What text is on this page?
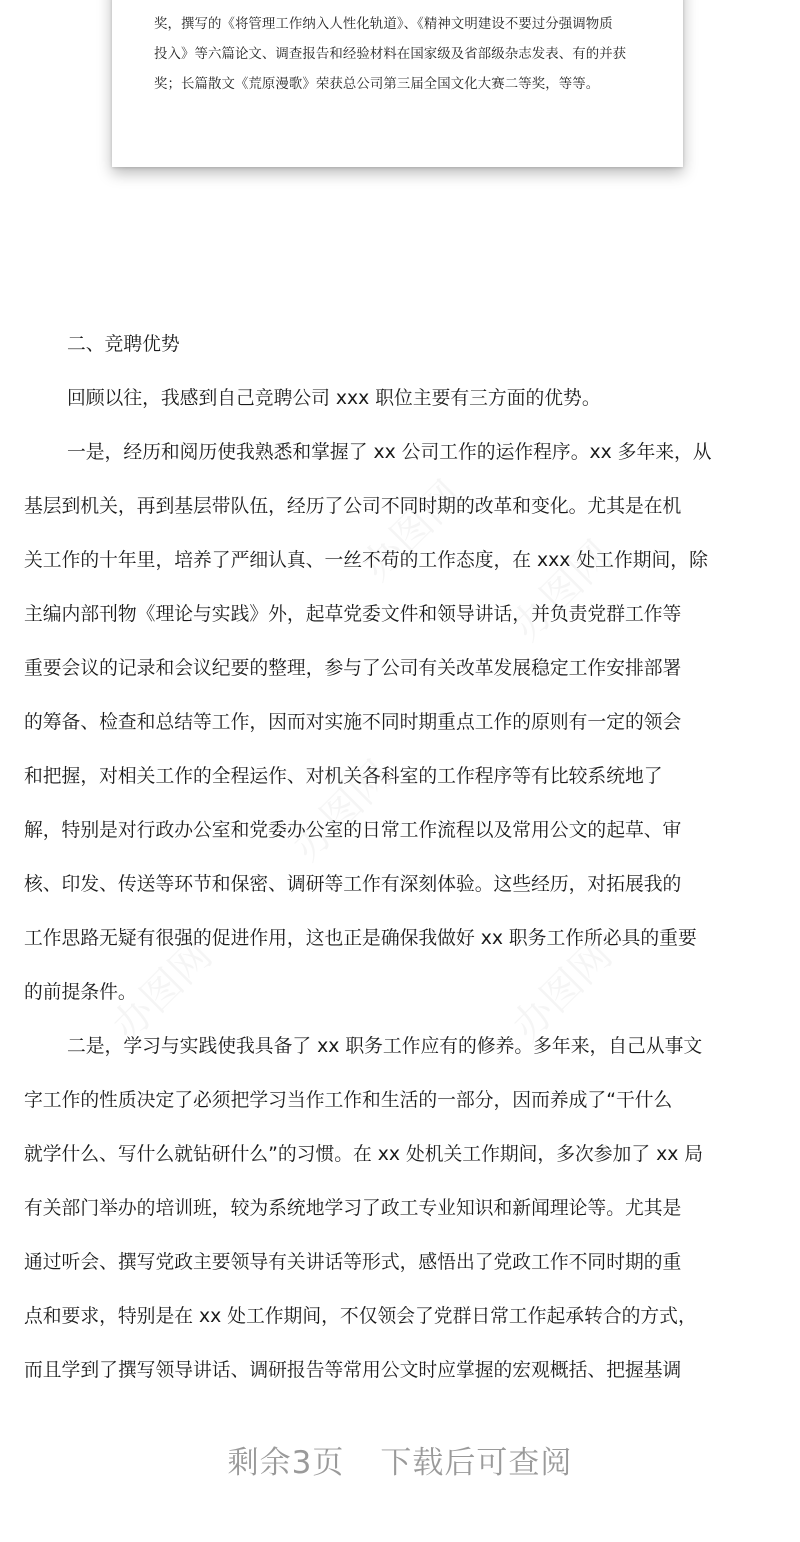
奖，撰写的《将管理工作纳入人性化轨道》、《精神文明建设不要过分强调物质
投入》等六篇论文、调查报告和经验材料在国家级及省部级杂志发表、有的并获
奖；长篇散文《荒原漫歌》荣获总公司第三届全国文化大赛二等奖，等等。
办图网
办图网
办图网	办图网
办图网
二、竞聘优势
回顾以往，我感到自己竞聘公司 xxx 职位主要有三方面的优势。
一是，经历和阅历使我熟悉和掌握了 xx 公司工作的运作程序。xx 多年来，从
基层到机关，再到基层带队伍，经历了公司不同时期的改革和变化。尤其是在机
关工作的十年里，培养了严细认真、一丝不苟的工作态度，在 xxx 处工作期间，除
主编内部刊物《理论与实践》外，起草党委文件和领导讲话，并负责党群工作等
重要会议的记录和会议纪要的整理，参与了公司有关改革发展稳定工作安排部署
的筹备、检查和总结等工作，因而对实施不同时期重点工作的原则有一定的领会
和把握，对相关工作的全程运作、对机关各科室的工作程序等有比较系统地了
解，特别是对行政办公室和党委办公室的日常工作流程以及常用公文的起草、审
核、印发、传送等环节和保密、调研等工作有深刻体验。这些经历，对拓展我的
工作思路无疑有很强的促进作用，这也正是确保我做好 xx 职务工作所必具的重要
的前提条件。
二是，学习与实践使我具备了 xx 职务工作应有的修养。多年来，自己从事文
字工作的性质决定了必须把学习当作工作和生活的一部分，因而养成了“干什么
就学什么、写什么就钻研什么”的习惯。在 xx 处机关工作期间，多次参加了 xx 局
有关部门举办的培训班，较为系统地学习了政工专业知识和新闻理论等。尤其是
通过听会、撰写党政主要领导有关讲话等形式，感悟出了党政工作不同时期的重
点和要求，特别是在 xx 处工作期间，不仅领会了党群日常工作起承转合的方式，
而且学到了撰写领导讲话、调研报告等常用公文时应掌握的宏观概括、把握基调
剩余3页 下载后可查阅
